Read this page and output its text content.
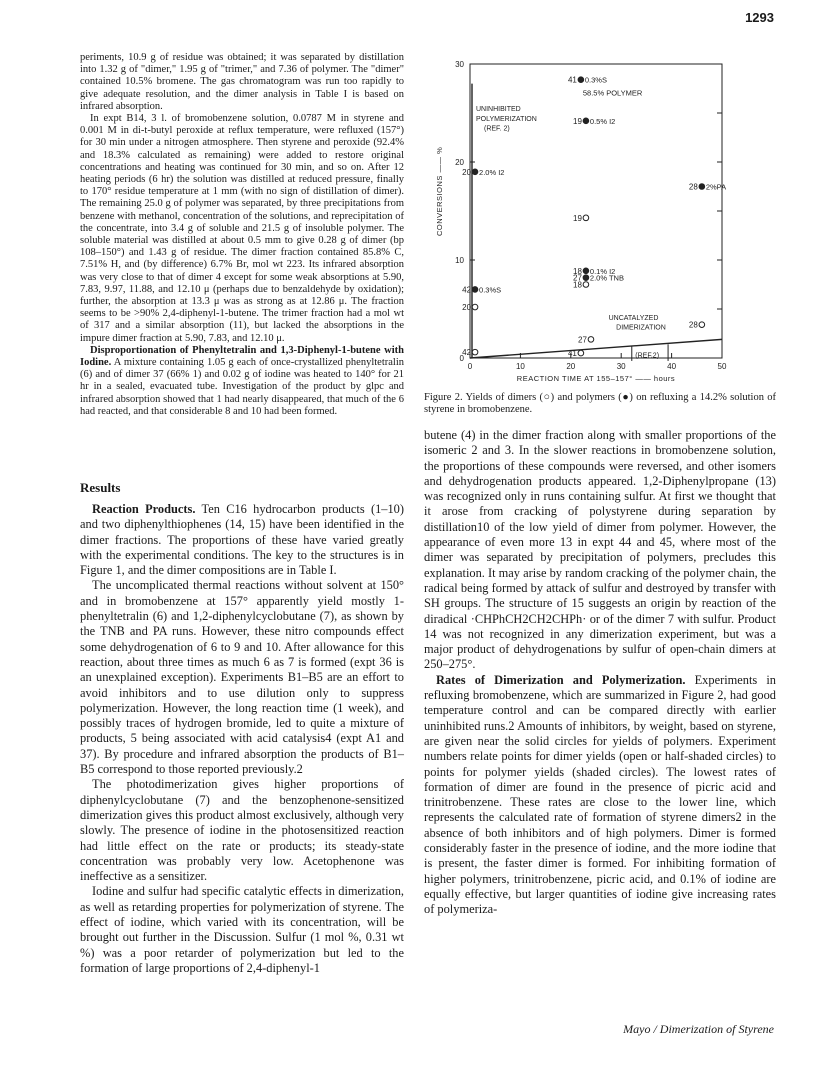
1293

periments, 10.9 g of residue was obtained; it was separated by distillation into 1.32 g of "dimer," 1.95 g of "trimer," and 7.36 of polymer. The "dimer" contained 10.5% bromene. The gas chromatogram was run too rapidly to give adequate resolution, and the dimer analysis in Table I is based on infrared absorption.

In expt B14, 3 l. of bromobenzene solution, 0.0787 M in styrene and 0.001 M in di-t-butyl peroxide at reflux temperature, were refluxed (157°) for 30 min under a nitrogen atmosphere. Then styrene and peroxide (92.4% and 18.3% calculated as remaining) were added to restore original concentrations and heating was continued for 30 min, and so on. After 12 heating periods (6 hr) the solution was distilled at reduced pressure, finally to 170° residue temperature at 1 mm (with no sign of distillation of dimer). The remaining 25.0 g of polymer was separated, by three precipitations from benzene with methanol, concentration of the solutions, and reprecipitation of the concentrate, into 3.4 g of soluble and 21.5 g of insoluble polymer. The soluble material was distilled at about 0.5 mm to give 0.28 g of dimer (bp 108–150°) and 1.43 g of residue. The dimer fraction contained 85.8% C, 7.51% H, and (by difference) 6.7% Br, mol wt 223. Its infrared absorption was very close to that of dimer 4 except for some weak absorptions at 5.90, 7.83, 9.97, 11.88, and 12.10 μ (perhaps due to benzaldehyde by oxidation); further, the absorption at 13.3 μ was as strong as at 12.86 μ. The fraction seems to be >90% 2,4-diphenyl-1-butene. The trimer fraction had a mol wt of 317 and a similar absorption (11), but lacked the absorptions in the impure dimer fraction at 5.90, 7.83, and 12.10 μ.

Disproportionation of Phenyltetralin and 1,3-Diphenyl-1-butene with Iodine. A mixture containing 1.05 g each of once-crystallized phenyltetralin (6) and of dimer 37 (66% 1) and 0.02 g of iodine was heated to 140° for 21 hr in a sealed, evacuated tube. Investigation of the product by glpc and infrared absorption showed that 1 had nearly disappeared, that much of the 6 had reacted, and that considerable 8 and 10 had been formed.

Results

Reaction Products. Ten C16 hydrocarbon products (1–10) and two diphenylthiophenes (14, 15) have been identified in the dimer fractions. The proportions of these have varied greatly with the experimental conditions. The key to the structures is in Figure 1, and the dimer compositions are in Table I.

The uncomplicated thermal reactions without solvent at 150° and in bromobenzene at 157° apparently yield mostly 1-phenyltetralin (6) and 1,2-diphenylcyclobutane (7), as shown by the TNB and PA runs. However, these nitro compounds effect some dehydrogenation of 6 to 9 and 10. After allowance for this reaction, about three times as much 6 as 7 is formed (expt 36 is an unexplained exception). Experiments B1–B5 are an effort to avoid inhibitors and to use dilution only to suppress polymerization. However, the long reaction time (1 week), and possibly traces of hydrogen bromide, led to quite a mixture of products, 5 being associated with acid catalysis4 (expt A1 and 37). By procedure and infrared absorption the products of B1–B5 correspond to those reported previously.2

The photodimerization gives higher proportions of diphenylcyclobutane (7) and the benzophenone-sensitized dimerization gives this product almost exclusively, although very slowly. The presence of iodine in the photosensitized reaction had little effect on the rate or products; its steady-state concentration was probably very low. Acetophenone was ineffective as a sensitizer.

Iodine and sulfur had specific catalytic effects in dimerization, as well as retarding properties for polymerization of styrene. The effect of iodine, which varied with its concentration, will be brought out further in the Discussion. Sulfur (1 mol %, 0.31 wt %) was a poor retarder of polymerization but led to the formation of large proportions of 2,4-diphenyl-1

0	10	20	30	40	50
0
10
20
30
REACTION TIME AT 155–157° —— hours
CONVERSIONS —— %
UNINHIBITED
POLYMERIZATION
(REF. 2)
UNCATALYZED
DIMERIZATION
(REF.2)
41 0.3%S
58.5% POLYMER
19 0.5% I2
20 2.0% I2
28 2%PA
19
18 0.1% I2
27 2.0% TNB
18
42 0.3%S
20
28
27
42	41
Figure 2. Yields of dimers (○) and polymers (●) on refluxing a 14.2% solution of styrene in bromobenzene.

butene (4) in the dimer fraction along with smaller proportions of the isomeric 2 and 3. In the slower reactions in bromobenzene solution, the proportions of these compounds were reversed, and other isomers and dehydrogenation products appeared. 1,2-Diphenylpropane (13) was recognized only in runs containing sulfur. At first we thought that it arose from cracking of polystyrene during separation by distillation10 of the low yield of dimer from polymer. However, the appearance of even more 13 in expt 44 and 45, where most of the dimer was separated by precipitation of polymers, precludes this explanation. It may arise by random cracking of the polymer chain, the radical being formed by attack of sulfur and destroyed by transfer with SH groups. The structure of 15 suggests an origin by reaction of the diradical ·CHPhCH2CH2CHPh· or of the dimer 7 with sulfur. Product 14 was not recognized in any dimerization experiment, but was a major product of dehydrogenations by sulfur of open-chain dimers at 250–275°.

Rates of Dimerization and Polymerization. Experiments in refluxing bromobenzene, which are summarized in Figure 2, had good temperature control and can be compared directly with earlier uninhibited runs.2 Amounts of inhibitors, by weight, based on styrene, are given near the solid circles for yields of polymers. Experiment numbers relate points for dimer yields (open or half-shaded circles) to points for polymer yields (shaded circles). The lowest rates of formation of dimer are found in the presence of picric acid and trinitrobenzene. These rates are close to the lower line, which represents the calculated rate of formation of styrene dimers2 in the absence of both inhibitors and of high polymers. Dimer is formed considerably faster in the presence of iodine, and the more iodine that is present, the faster dimer is formed. For inhibiting formation of higher polymers, trinitrobenzene, picric acid, and 0.1% of iodine are equally effective, but larger quantities of iodine give increasing rates of polymeriza-

Mayo / Dimerization of Styrene
